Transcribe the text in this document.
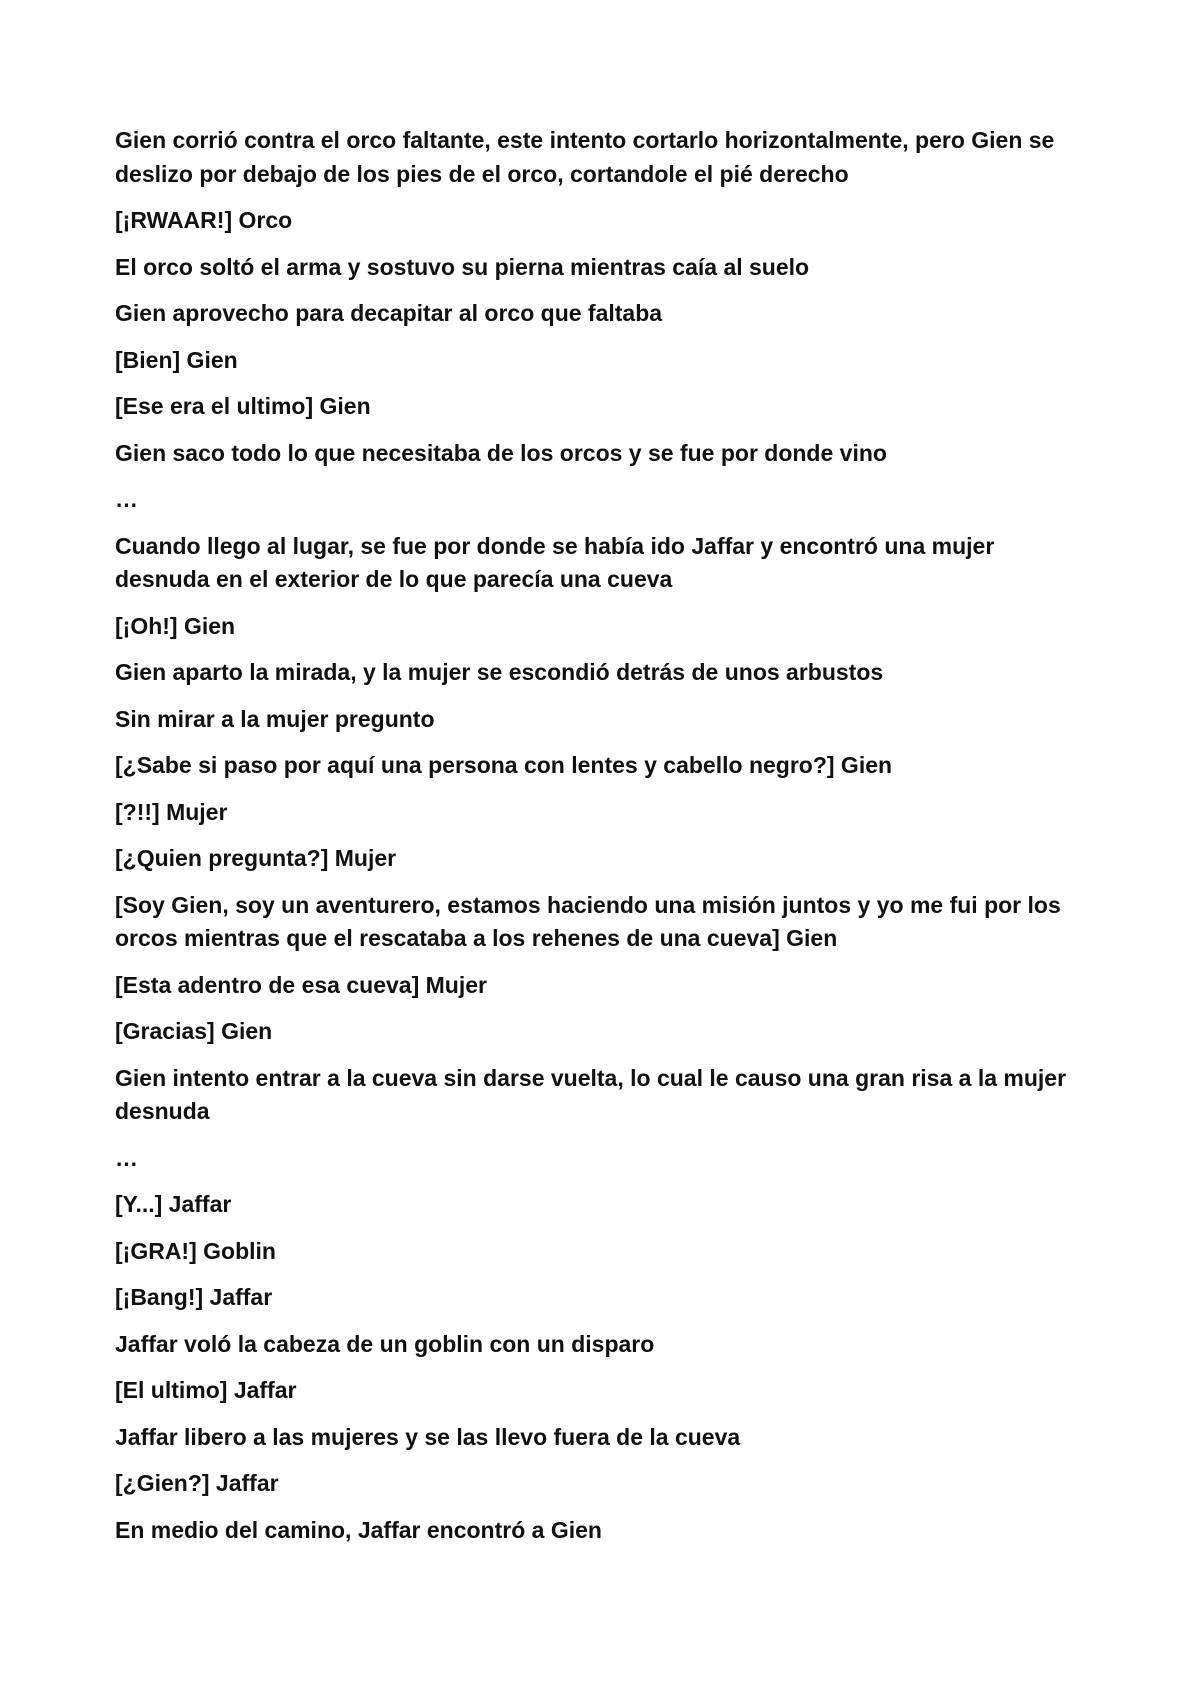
Gien corrió contra el orco faltante, este intento cortarlo horizontalmente, pero Gien se deslizo por debajo de los pies de el orco, cortandole el pié derecho

[¡RWAAR!] Orco

El orco soltó el arma y sostuvo su pierna mientras caía al suelo

Gien aprovecho para decapitar al orco que faltaba

[Bien] Gien

[Ese era el ultimo] Gien

Gien saco todo lo que necesitaba de los orcos y se fue por donde vino

…

Cuando llego al lugar, se fue por donde se había ido Jaffar y encontró una mujer desnuda en el exterior de lo que parecía una cueva

[¡Oh!] Gien

Gien aparto la mirada, y la mujer se escondió detrás de unos arbustos

Sin mirar a la mujer pregunto

[¿Sabe si paso por aquí una persona con lentes y cabello negro?] Gien

[?!!] Mujer

[¿Quien pregunta?] Mujer

[Soy Gien, soy un aventurero, estamos haciendo una misión juntos y yo me fui por los orcos mientras que el rescataba a los rehenes de una cueva] Gien

[Esta adentro de esa cueva] Mujer

[Gracias] Gien

Gien intento entrar a la cueva sin darse vuelta, lo cual le causo una gran risa a la mujer desnuda

…

[Y...] Jaffar

[¡GRA!] Goblin

[¡Bang!] Jaffar

Jaffar voló la cabeza de un goblin con un disparo

[El ultimo] Jaffar

Jaffar libero a las mujeres y se las llevo fuera de la cueva

[¿Gien?] Jaffar

En medio del camino, Jaffar encontró a Gien
